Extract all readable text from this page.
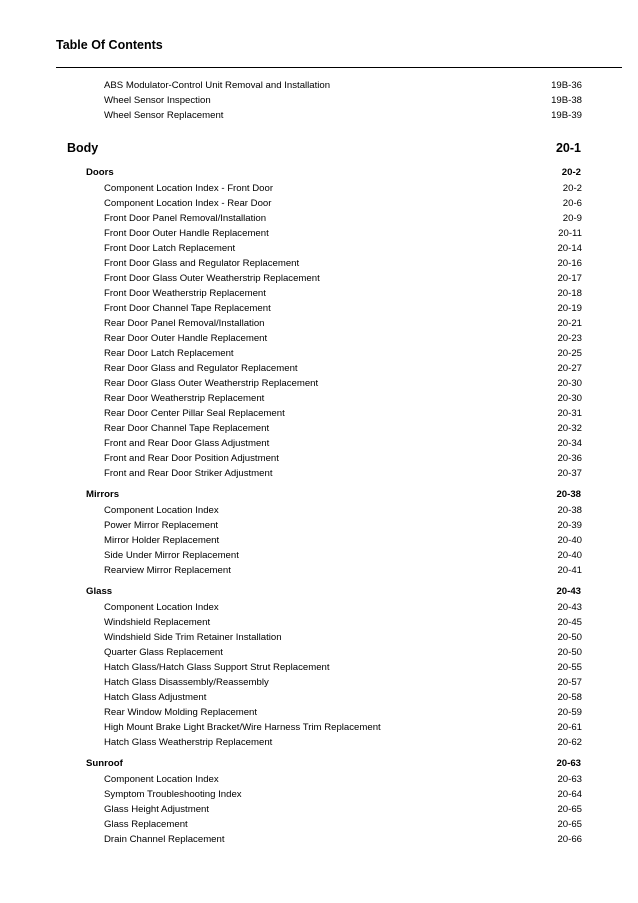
Table Of Contents
ABS Modulator-Control Unit Removal and Installation	19B-36
Wheel Sensor Inspection	19B-38
Wheel Sensor Replacement	19B-39
Body	20-1
Doors	20-2
Component Location Index - Front Door	20-2
Component Location Index - Rear Door	20-6
Front Door Panel Removal/Installation	20-9
Front Door Outer Handle Replacement	20-11
Front Door Latch Replacement	20-14
Front Door Glass and Regulator Replacement	20-16
Front Door Glass Outer Weatherstrip Replacement	20-17
Front Door Weatherstrip Replacement	20-18
Front Door Channel Tape Replacement	20-19
Rear Door Panel Removal/Installation	20-21
Rear Door Outer Handle Replacement	20-23
Rear Door Latch Replacement	20-25
Rear Door Glass and Regulator Replacement	20-27
Rear Door Glass Outer Weatherstrip Replacement	20-30
Rear Door Weatherstrip Replacement	20-30
Rear Door Center Pillar Seal Replacement	20-31
Rear Door Channel Tape Replacement	20-32
Front and Rear Door Glass Adjustment	20-34
Front and Rear Door Position Adjustment	20-36
Front and Rear Door Striker Adjustment	20-37
Mirrors	20-38
Component Location Index	20-38
Power Mirror Replacement	20-39
Mirror Holder Replacement	20-40
Side Under Mirror Replacement	20-40
Rearview Mirror Replacement	20-41
Glass	20-43
Component Location Index	20-43
Windshield Replacement	20-45
Windshield Side Trim Retainer Installation	20-50
Quarter Glass Replacement	20-50
Hatch Glass/Hatch Glass Support Strut Replacement	20-55
Hatch Glass Disassembly/Reassembly	20-57
Hatch Glass Adjustment	20-58
Rear Window Molding Replacement	20-59
High Mount Brake Light Bracket/Wire Harness Trim Replacement	20-61
Hatch Glass Weatherstrip Replacement	20-62
Sunroof	20-63
Component Location Index	20-63
Symptom Troubleshooting Index	20-64
Glass Height Adjustment	20-65
Glass Replacement	20-65
Drain Channel Replacement	20-66
